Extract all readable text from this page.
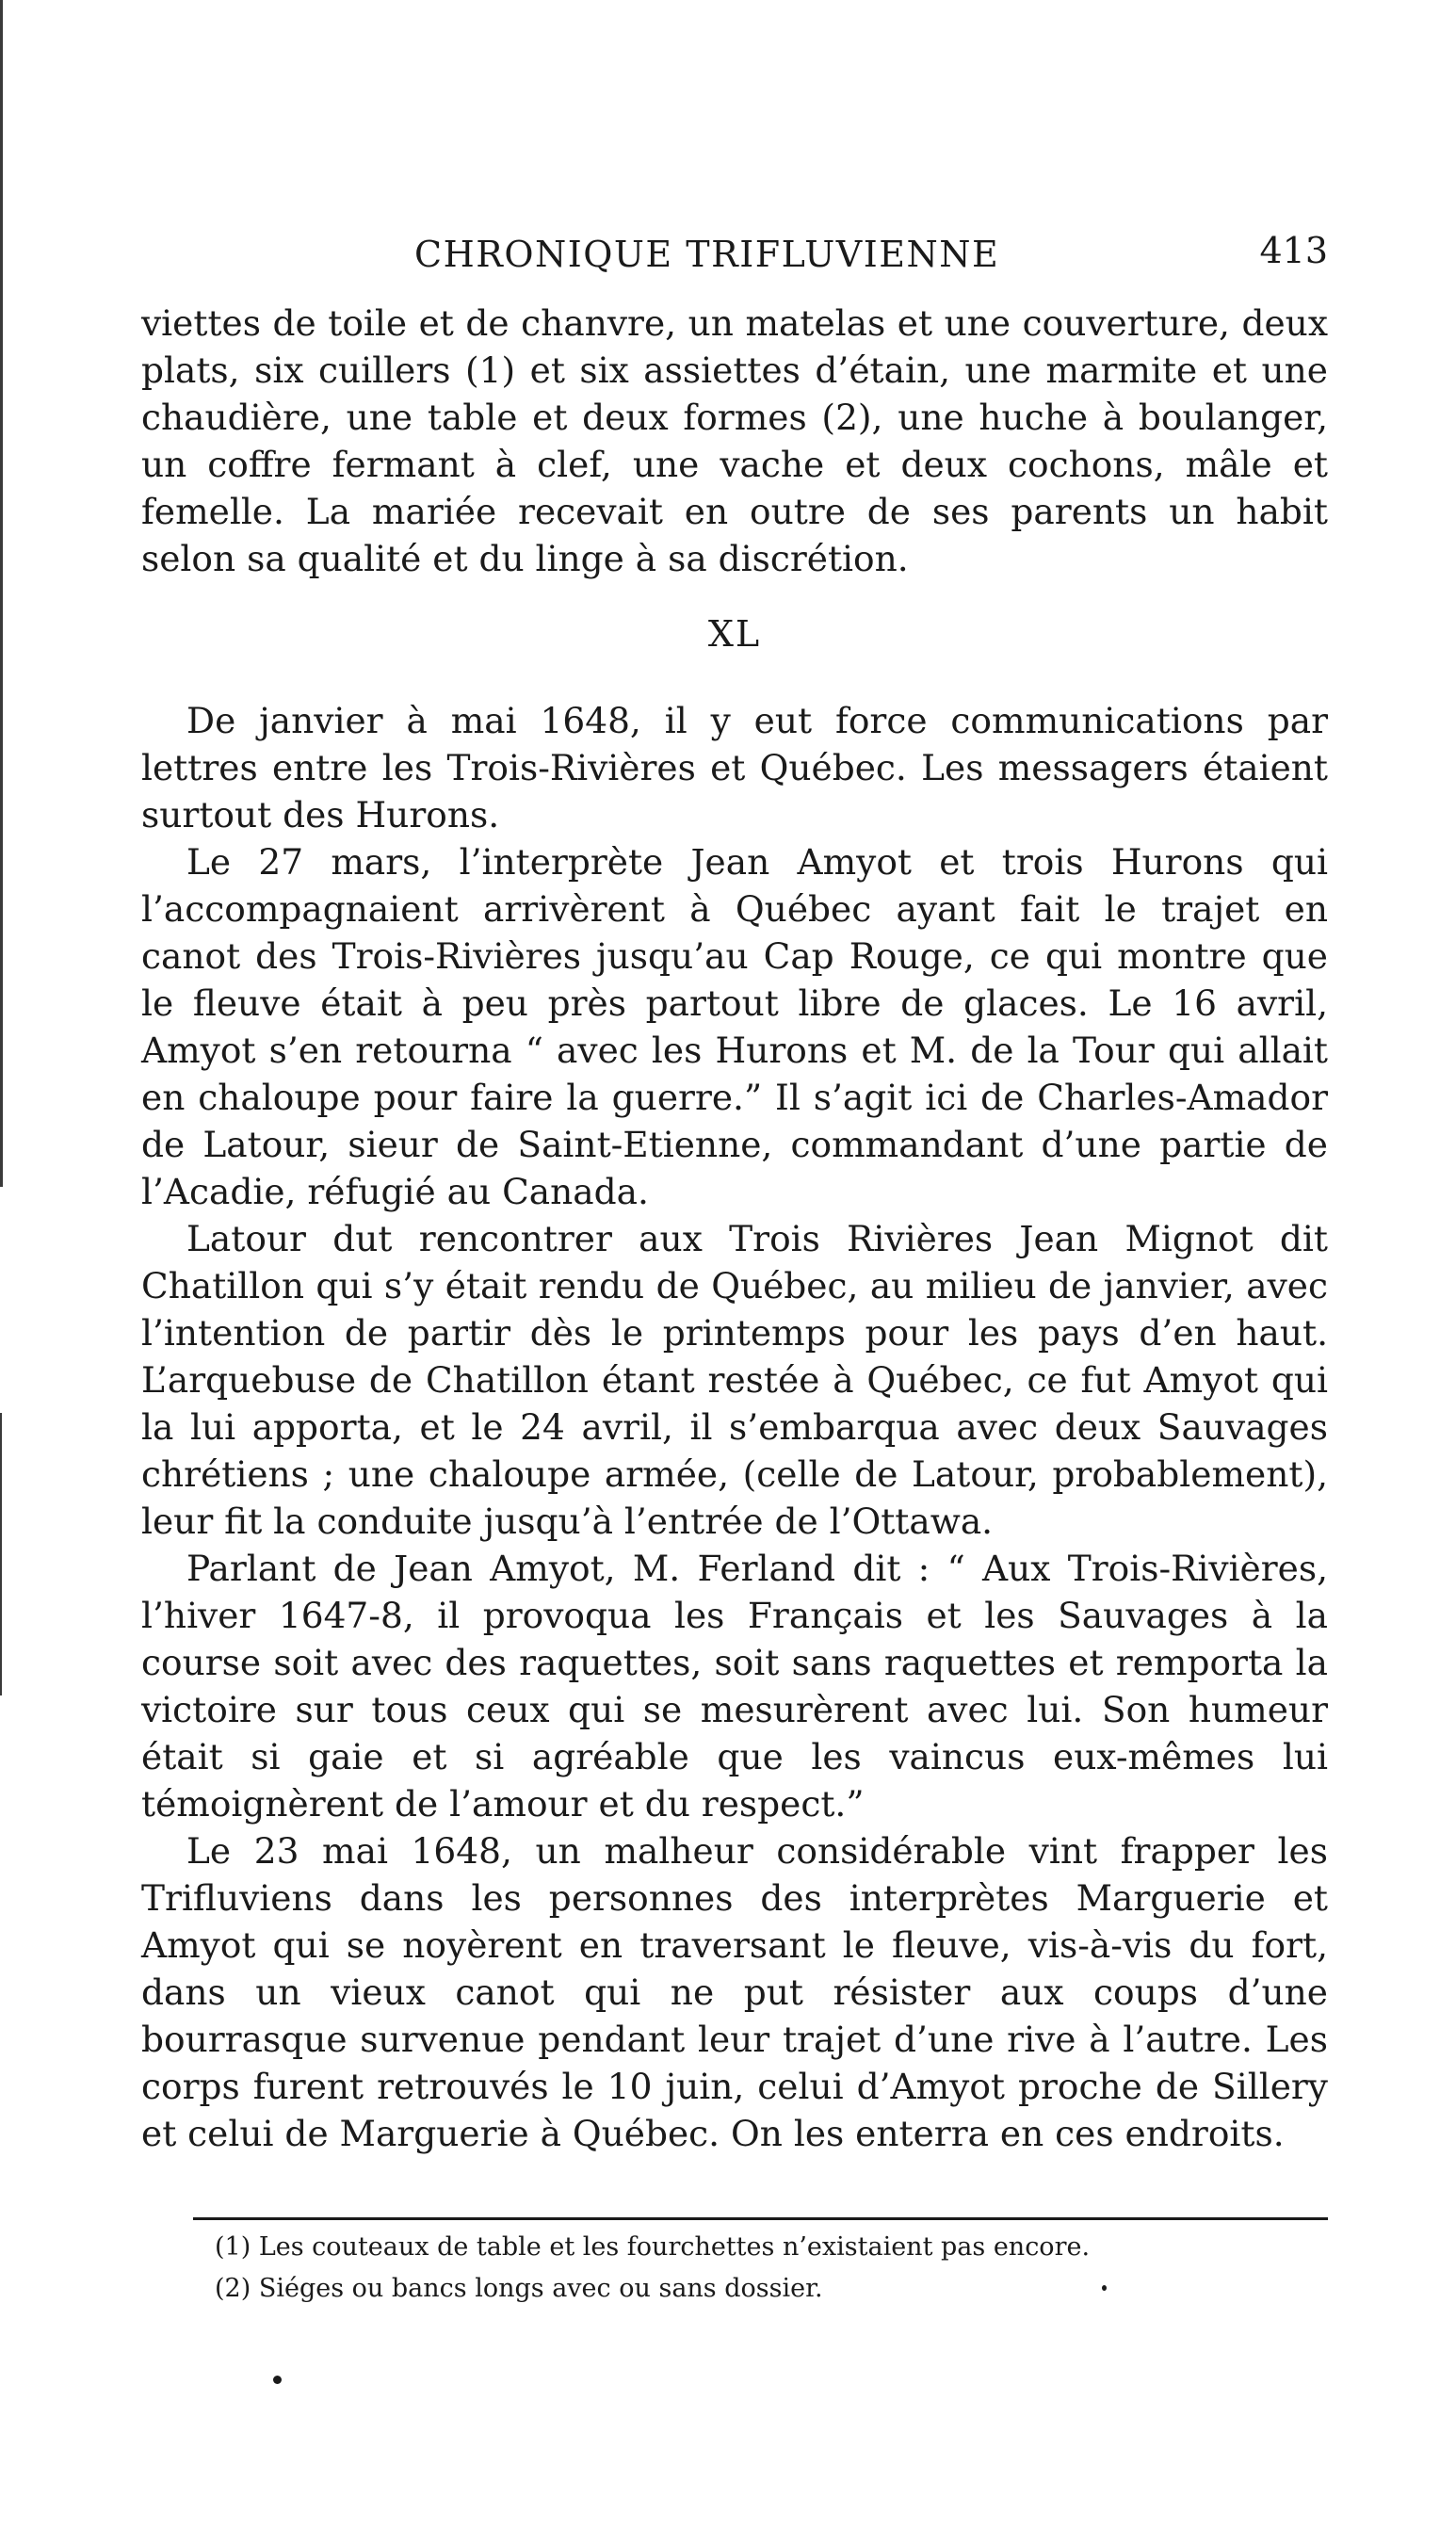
CHRONIQUE TRIFLUVIENNE	413

viettes de toile et de chanvre, un matelas et une couverture, deux plats, six cuillers (1) et six assiettes d’étain, une marmite et une chaudière, une table et deux formes (2), une huche à boulanger, un coffre fermant à clef, une vache et deux cochons, mâle et femelle. La mariée recevait en outre de ses parents un habit selon sa qualité et du linge à sa discrétion.

XL

De janvier à mai 1648, il y eut force communications par lettres entre les Trois-Rivières et Québec. Les messagers étaient surtout des Hurons.

Le 27 mars, l’interprète Jean Amyot et trois Hurons qui l’accompagnaient arrivèrent à Québec ayant fait le trajet en canot des Trois-Rivières jusqu’au Cap Rouge, ce qui montre que le fleuve était à peu près partout libre de glaces. Le 16 avril, Amyot s’en retourna “ avec les Hurons et M. de la Tour qui allait en chaloupe pour faire la guerre.” Il s’agit ici de Charles-Amador de Latour, sieur de Saint-Etienne, commandant d’une partie de l’Acadie, réfugié au Canada.

Latour dut rencontrer aux Trois Rivières Jean Mignot dit Chatillon qui s’y était rendu de Québec, au milieu de janvier, avec l’intention de partir dès le printemps pour les pays d’en haut. L’arquebuse de Chatillon étant restée à Québec, ce fut Amyot qui la lui apporta, et le 24 avril, il s’embarqua avec deux Sauvages chrétiens ; une chaloupe armée, (celle de Latour, probablement), leur fit la conduite jusqu’à l’entrée de l’Ottawa.

Parlant de Jean Amyot, M. Ferland dit : “ Aux Trois-Rivières, l’hiver 1647-8, il provoqua les Français et les Sauvages à la course soit avec des raquettes, soit sans raquettes et remporta la victoire sur tous ceux qui se mesurèrent avec lui. Son humeur était si gaie et si agréable que les vaincus eux-mêmes lui témoignèrent de l’amour et du respect.”

Le 23 mai 1648, un malheur considérable vint frapper les Trifluviens dans les personnes des interprètes Marguerie et Amyot qui se noyèrent en traversant le fleuve, vis-à-vis du fort, dans un vieux canot qui ne put résister aux coups d’une bourrasque survenue pendant leur trajet d’une rive à l’autre. Les corps furent retrouvés le 10 juin, celui d’Amyot proche de Sillery et celui de Marguerie à Québec. On les enterra en ces endroits.

(1) Les couteaux de table et les fourchettes n’existaient pas encore.

(2) Siéges ou bancs longs avec ou sans dossier.
